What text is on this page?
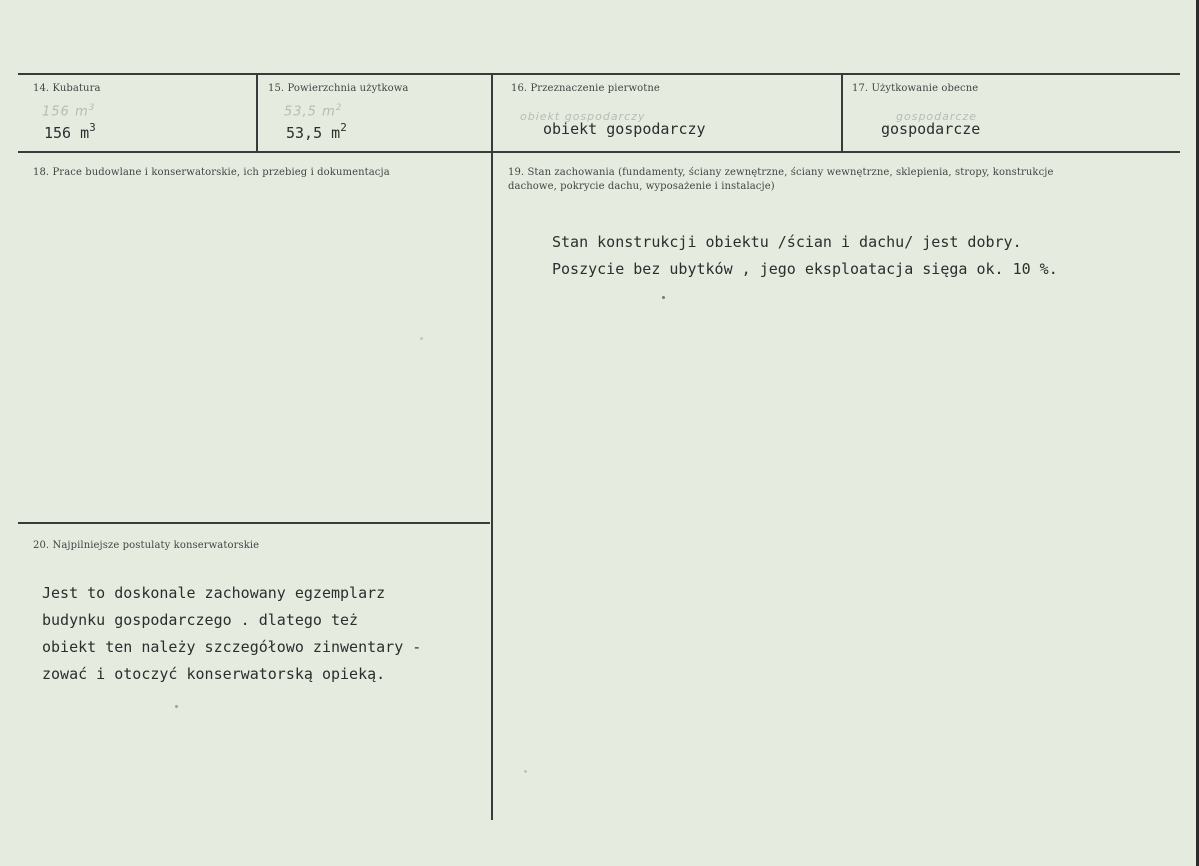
14. Kubatura
156 $m^3$
156 $m^3$
15. Powierzchnia użytkowa
53,5 $m^2$
53,5 $m^2$
16. Przeznaczenie pierwotne
obiekt gospodarczy
obiekt gospodarczy
17. Użytkowanie obecne
gospodarcze
gospodarcze
18. Prace budowlane i konserwatorskie, ich przebieg i dokumentacja	19. Stan zachowania (fundamenty, ściany zewnętrzne, ściany wewnętrzne, sklepienia, stropy, konstrukcje dachowe, pokrycie dachu, wyposażenie i instalacje)
Stan konstrukcji obiektu /ścian i dachu/ jest dobry.
Poszycie bez ubytków , jego eksploatacja sięga ok. 10 %.
20. Najpilniejsze postulaty konserwatorskie
Jest to doskonale zachowany egzemplarz
budynku gospodarczego . dlatego też
obiekt ten należy szczegółowo zinwentary -
zować i otoczyć konserwatorską opieką.
